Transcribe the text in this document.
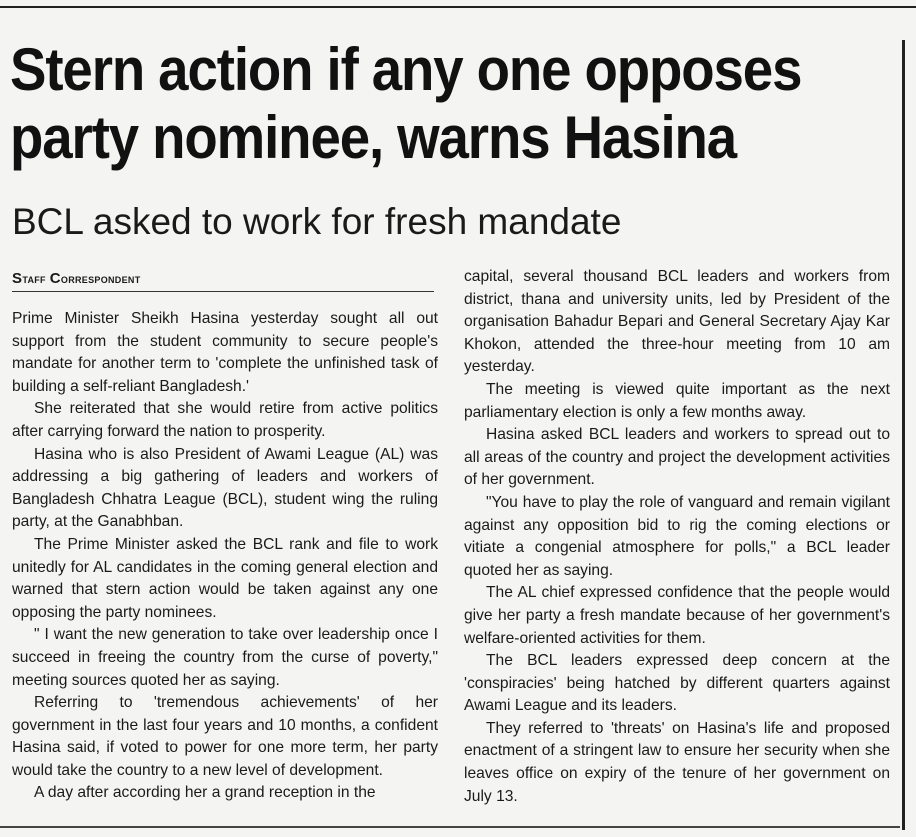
Stern action if any one opposes party nominee, warns Hasina
BCL asked to work for fresh mandate
Staff Correspondent

Prime Minister Sheikh Hasina yesterday sought all out support from the student community to secure people's mandate for another term to 'complete the unfinished task of building a self-reliant Bangladesh.'

She reiterated that she would retire from active politics after carrying forward the nation to prosperity.

Hasina who is also President of Awami League (AL) was addressing a big gathering of leaders and workers of Bangladesh Chhatra League (BCL), student wing the ruling party, at the Ganabhban.

The Prime Minister asked the BCL rank and file to work unitedly for AL candidates in the coming general election and warned that stern action would be taken against any one opposing the party nominees.

" I want the new generation to take over leadership once I succeed in freeing the country from the curse of poverty," meeting sources quoted her as saying.

Referring to 'tremendous achievements' of her government in the last four years and 10 months, a confident Hasina said, if voted to power for one more term, her party would take the country to a new level of development.

A day after according her a grand reception in the

capital, several thousand BCL leaders and workers from district, thana and university units, led by President of the organisation Bahadur Bepari and General Secretary Ajay Kar Khokon, attended the three-hour meeting from 10 am yesterday.

The meeting is viewed quite important as the next parliamentary election is only a few months away.

Hasina asked BCL leaders and workers to spread out to all areas of the country and project the development activities of her government.

"You have to play the role of vanguard and remain vigilant against any opposition bid to rig the coming elections or vitiate a congenial atmosphere for polls," a BCL leader quoted her as saying.

The AL chief expressed confidence that the people would give her party a fresh mandate because of her government's welfare-oriented activities for them.

The BCL leaders expressed deep concern at the 'conspiracies' being hatched by different quarters against Awami League and its leaders.

They referred to 'threats' on Hasina's life and proposed enactment of a stringent law to ensure her security when she leaves office on expiry of the tenure of her government on July 13.
